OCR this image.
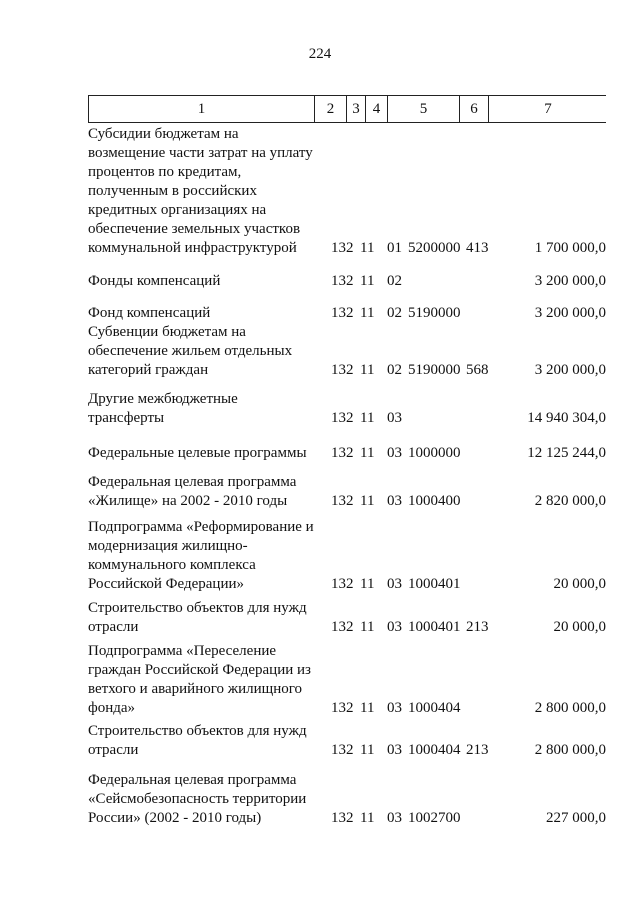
224
1	2	3 4	5	6	7
Субсидии бюджетам на
возмещение части затрат на уплату
процентов по кредитам,
полученным в российских
кредитных организациях на
обеспечение земельных участков
коммунальной инфраструктурой	132 11 01 5200000 413	1 700 000,0
Фонды компенсаций	132 11 02	3 200 000,0
Фонд компенсаций	132 11 02 5190000	3 200 000,0
Субвенции бюджетам на
обеспечение жильем отдельных
категорий граждан	132 11 02 5190000 568	3 200 000,0
Другие межбюджетные
трансферты	132 11 03	14 940 304,0
Федеральные целевые программы	132 11 03 1000000	12 125 244,0
Федеральная целевая программа
«Жилище» на 2002 - 2010 годы	132 11 03 1000400	2 820 000,0
Подпрограмма «Реформирование и
модернизация жилищно-
коммунального комплекса
Российской Федерации»	132 11 03 1000401	20 000,0
Строительство объектов для нужд
отрасли	132 11 03 1000401 213	20 000,0
Подпрограмма «Переселение
граждан Российской Федерации из
ветхого и аварийного жилищного
фонда»	132 11 03 1000404	2 800 000,0
Строительство объектов для нужд
отрасли	132 11 03 1000404 213	2 800 000,0
Федеральная целевая программа
«Сейсмобезопасность территории
России» (2002 - 2010 годы)	132 11 03 1002700	227 000,0
